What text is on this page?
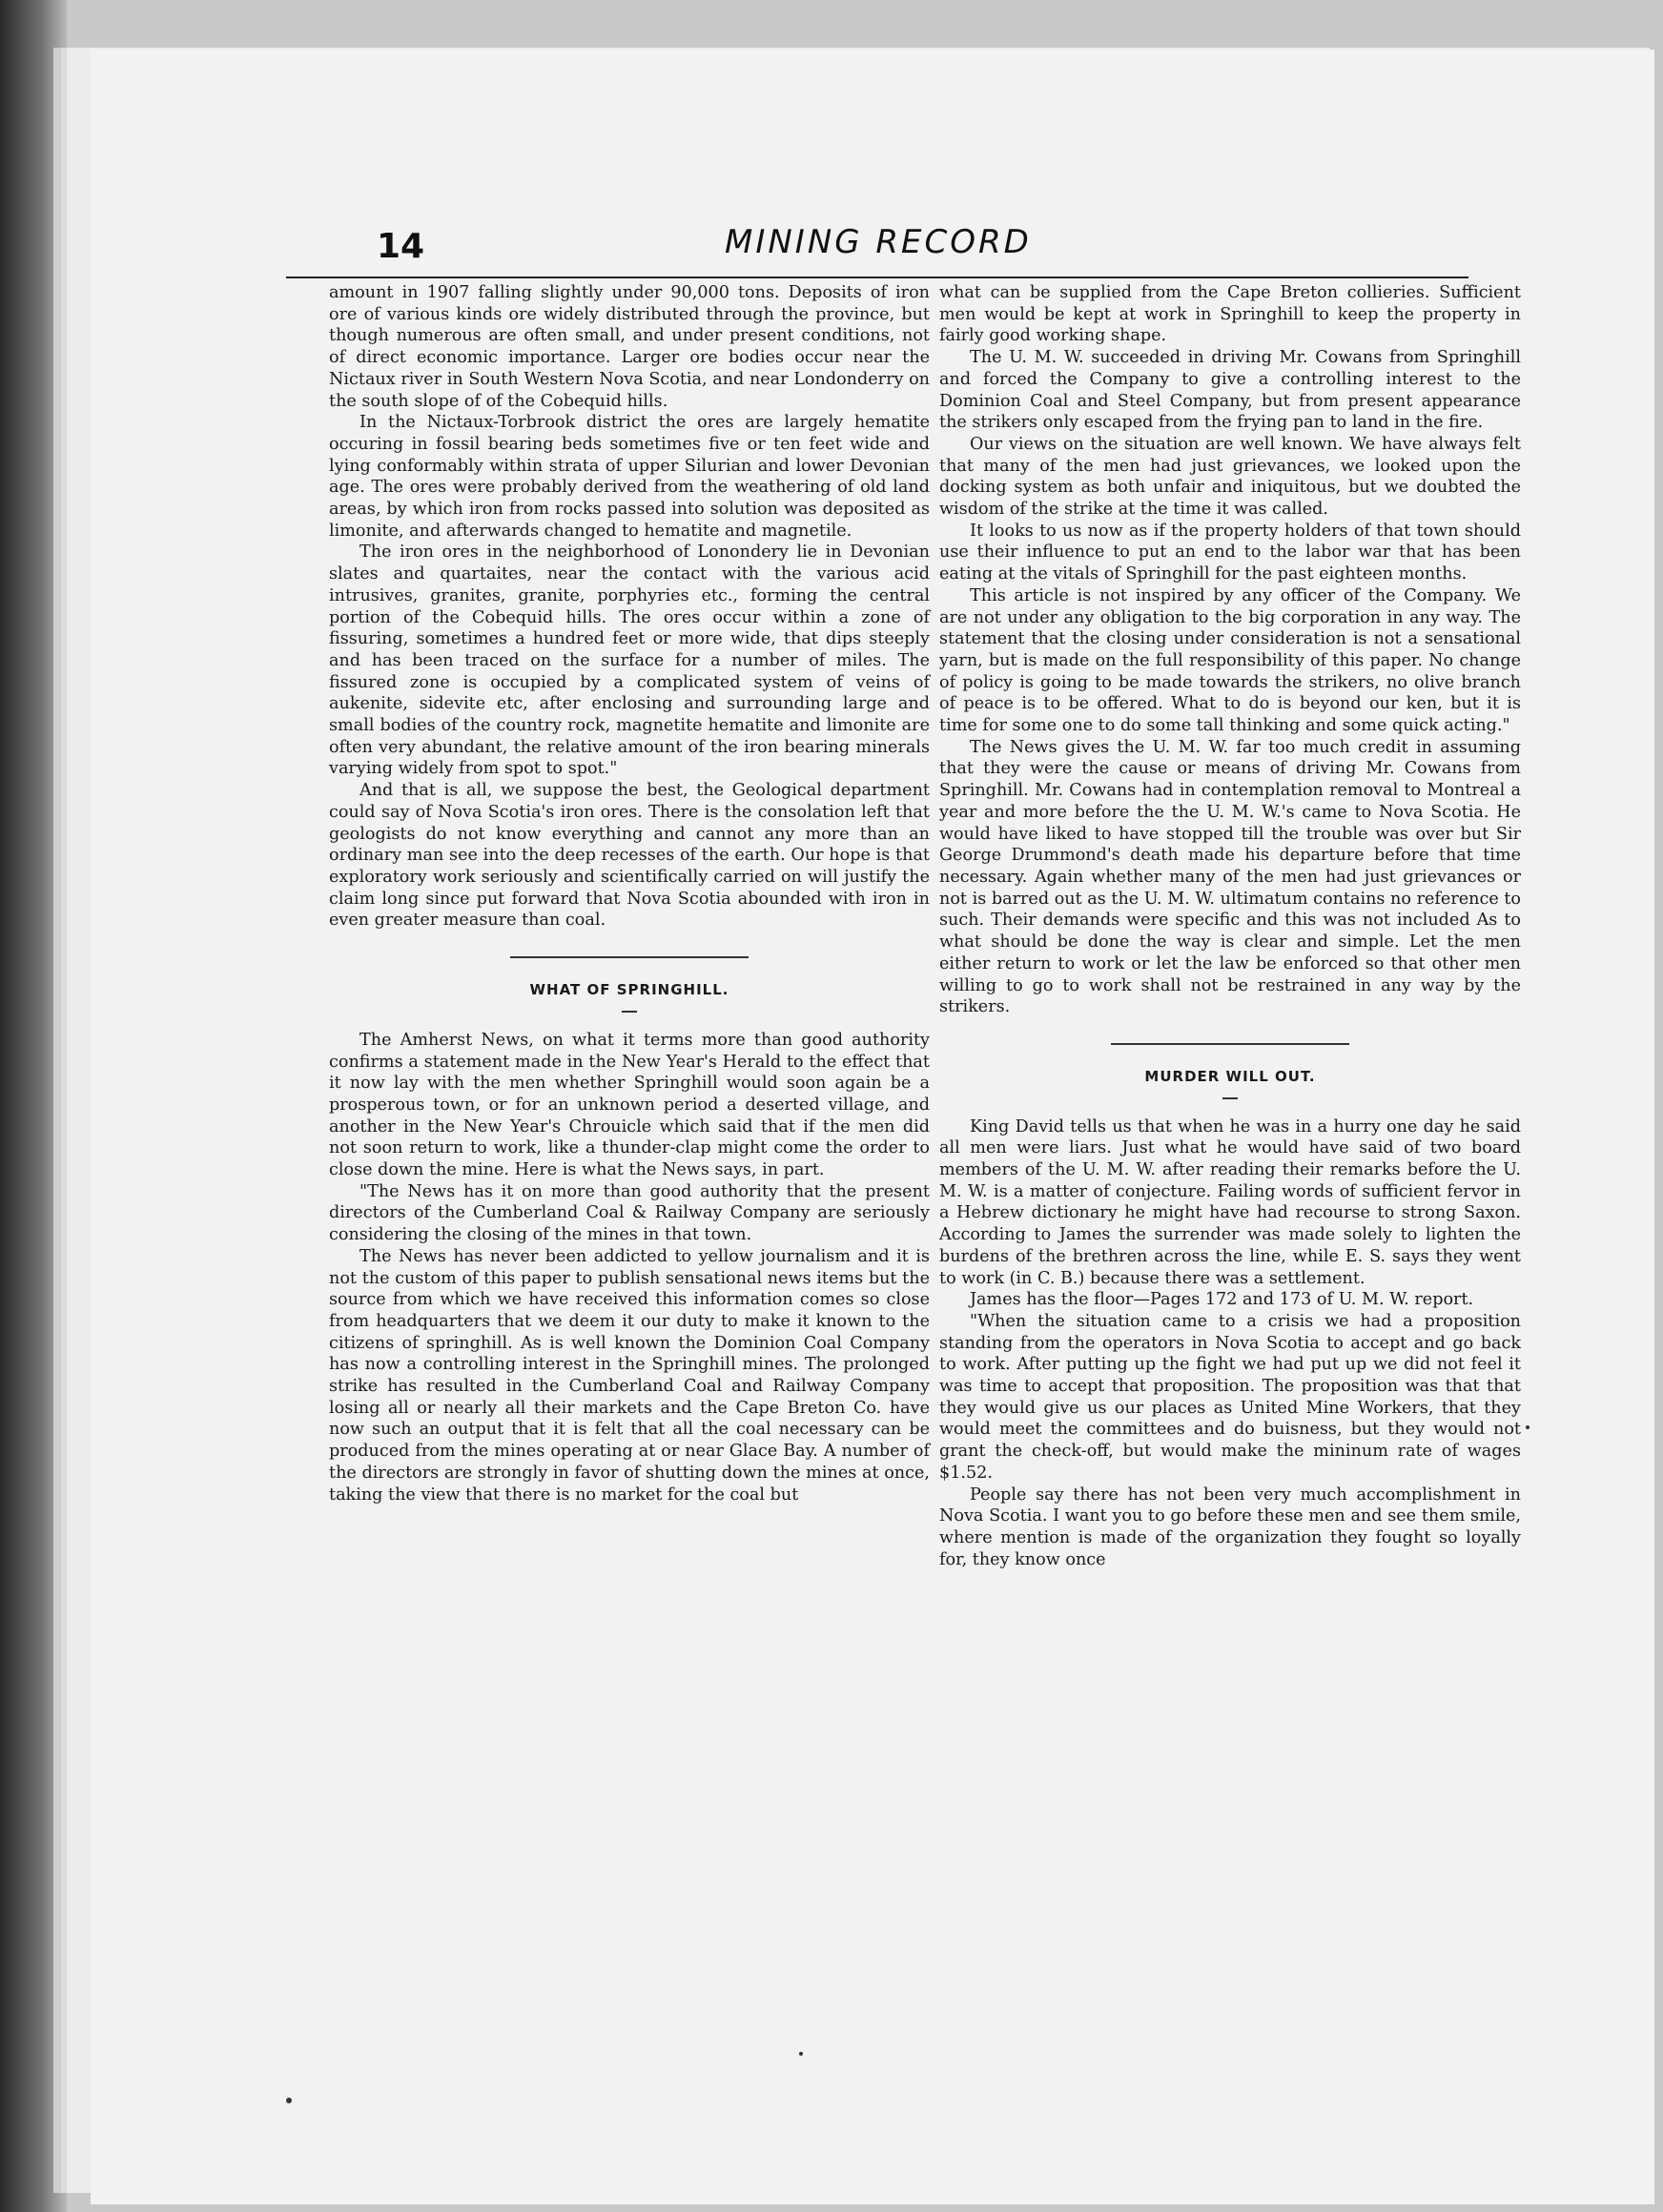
14	MINING RECORD

amount in 1907 falling slightly under 90,000 tons. Deposits of iron ore of various kinds ore widely distributed through the province, but though numerous are often small, and under present conditions, not of direct economic importance. Larger ore bodies occur near the Nictaux river in South Western Nova Scotia, and near Londonderry on the south slope of of the Cobequid hills.

In the Nictaux-Torbrook district the ores are largely hematite occuring in fossil bearing beds sometimes five or ten feet wide and lying conformably within strata of upper Silurian and lower Devonian age. The ores were probably derived from the weathering of old land areas, by which iron from rocks passed into solution was deposited as limonite, and afterwards changed to hematite and magnetile.

The iron ores in the neighborhood of Lonondery lie in Devonian slates and quartaites, near the contact with the various acid intrusives, granites, granite, porphyries etc., forming the central portion of the Cobequid hills. The ores occur within a zone of fissuring, sometimes a hundred feet or more wide, that dips steeply and has been traced on the surface for a number of miles. The fissured zone is occupied by a complicated system of veins of aukenite, sidevite etc, after enclosing and surrounding large and small bodies of the country rock, magnetite hematite and limonite are often very abundant, the relative amount of the iron bearing minerals varying widely from spot to spot."

And that is all, we suppose the best, the Geological department could say of Nova Scotia's iron ores. There is the consolation left that geologists do not know everything and cannot any more than an ordinary man see into the deep recesses of the earth. Our hope is that exploratory work seriously and scientifically carried on will justify the claim long since put forward that Nova Scotia abounded with iron in even greater measure than coal.

WHAT OF SPRINGHILL.

The Amherst News, on what it terms more than good authority confirms a statement made in the New Year's Herald to the effect that it now lay with the men whether Springhill would soon again be a prosperous town, or for an unknown period a deserted village, and another in the New Year's Chrouicle which said that if the men did not soon return to work, like a thunder-clap might come the order to close down the mine. Here is what the News says, in part.

"The News has it on more than good authority that the present directors of the Cumberland Coal & Railway Company are seriously considering the closing of the mines in that town.

The News has never been addicted to yellow journalism and it is not the custom of this paper to publish sensational news items but the source from which we have received this information comes so close from headquarters that we deem it our duty to make it known to the citizens of springhill. As is well known the Dominion Coal Company has now a controlling interest in the Springhill mines. The prolonged strike has resulted in the Cumberland Coal and Railway Company losing all or nearly all their markets and the Cape Breton Co. have now such an output that it is felt that all the coal necessary can be produced from the mines operating at or near Glace Bay. A number of the directors are strongly in favor of shutting down the mines at once, taking the view that there is no market for the coal but

what can be supplied from the Cape Breton collieries. Sufficient men would be kept at work in Springhill to keep the property in fairly good working shape.

The U. M. W. succeeded in driving Mr. Cowans from Springhill and forced the Company to give a controlling interest to the Dominion Coal and Steel Company, but from present appearance the strikers only escaped from the frying pan to land in the fire.

Our views on the situation are well known. We have always felt that many of the men had just grievances, we looked upon the docking system as both unfair and iniquitous, but we doubted the wisdom of the strike at the time it was called.

It looks to us now as if the property holders of that town should use their influence to put an end to the labor war that has been eating at the vitals of Springhill for the past eighteen months.

This article is not inspired by any officer of the Company. We are not under any obligation to the big corporation in any way. The statement that the closing under consideration is not a sensational yarn, but is made on the full responsibility of this paper. No change of policy is going to be made towards the strikers, no olive branch of peace is to be offered. What to do is beyond our ken, but it is time for some one to do some tall thinking and some quick acting."

The News gives the U. M. W. far too much credit in assuming that they were the cause or means of driving Mr. Cowans from Springhill. Mr. Cowans had in contemplation removal to Montreal a year and more before the the U. M. W.'s came to Nova Scotia. He would have liked to have stopped till the trouble was over but Sir George Drummond's death made his departure before that time necessary. Again whether many of the men had just grievances or not is barred out as the U. M. W. ultimatum contains no reference to such. Their demands were specific and this was not included As to what should be done the way is clear and simple. Let the men either return to work or let the law be enforced so that other men willing to go to work shall not be restrained in any way by the strikers.

MURDER WILL OUT.

King David tells us that when he was in a hurry one day he said all men were liars. Just what he would have said of two board members of the U. M. W. after reading their remarks before the U. M. W. is a matter of conjecture. Failing words of sufficient fervor in a Hebrew dictionary he might have had recourse to strong Saxon. According to James the surrender was made solely to lighten the burdens of the brethren across the line, while E. S. says they went to work (in C. B.) because there was a settlement.

James has the floor—Pages 172 and 173 of U. M. W. report.

"When the situation came to a crisis we had a proposition standing from the operators in Nova Scotia to accept and go back to work. After putting up the fight we had put up we did not feel it was time to accept that proposition. The proposition was that that they would give us our places as United Mine Workers, that they would meet the committees and do buisness, but they would not grant the check-off, but would make the mininum rate of wages $1.52.

People say there has not been very much accomplishment in Nova Scotia. I want you to go before these men and see them smile, where mention is made of the organization they fought so loyally for, they know once
